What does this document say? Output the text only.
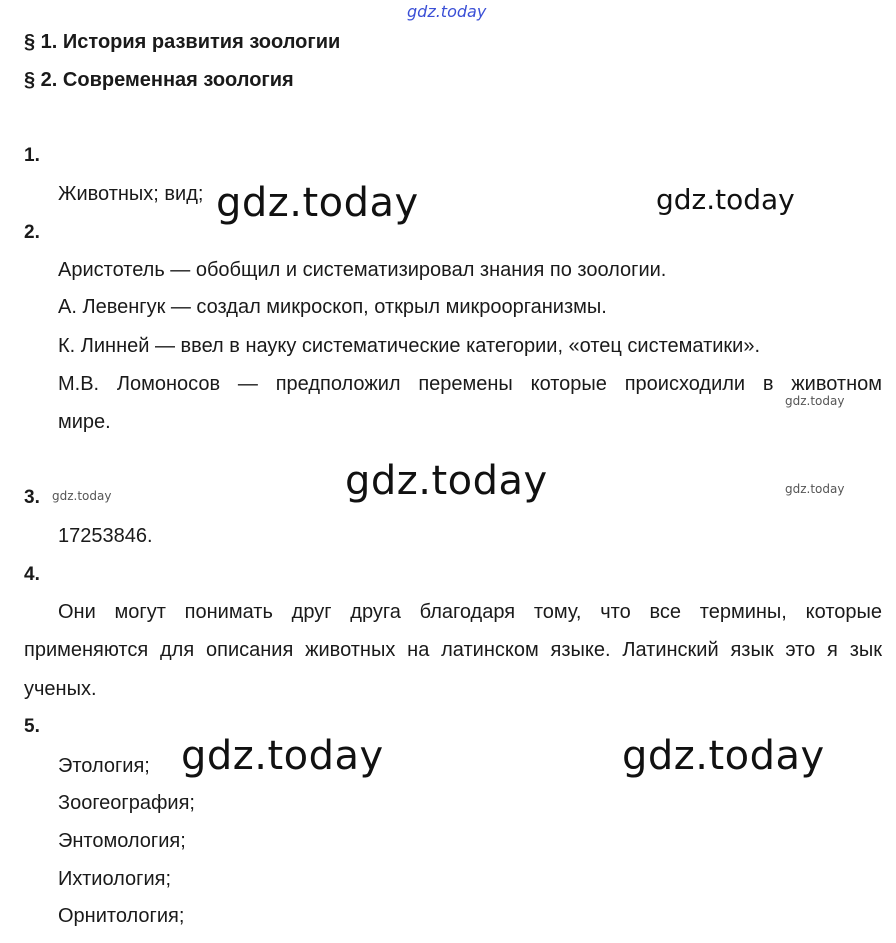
gdz.today
§ 1. История развития зоологии
§ 2. Современная зоология
1.
Животных; вид; gdz.today	gdz.today
2.
Аристотель — обобщил и систематизировал знания по зоологии.
А. Левенгук — создал микроскоп, открыл микроорганизмы.
К. Линней — ввел в науку систематические категории, «отец систематики».
М.В. Ломоносов — предположил перемены которые происходили в животном
gdz.today
мире.
gdz.today
3. gdz.today	gdz.today
17253846.
4.
Они могут понимать друг друга благодаря тому, что все термины, которые
применяются для описания животных на латинском языке. Латинский язык это я зык
ученых.
5.
Этология; gdz.today	gdz.today
Зоогеография;
Энтомология;
Ихтиология;
Орнитология;
